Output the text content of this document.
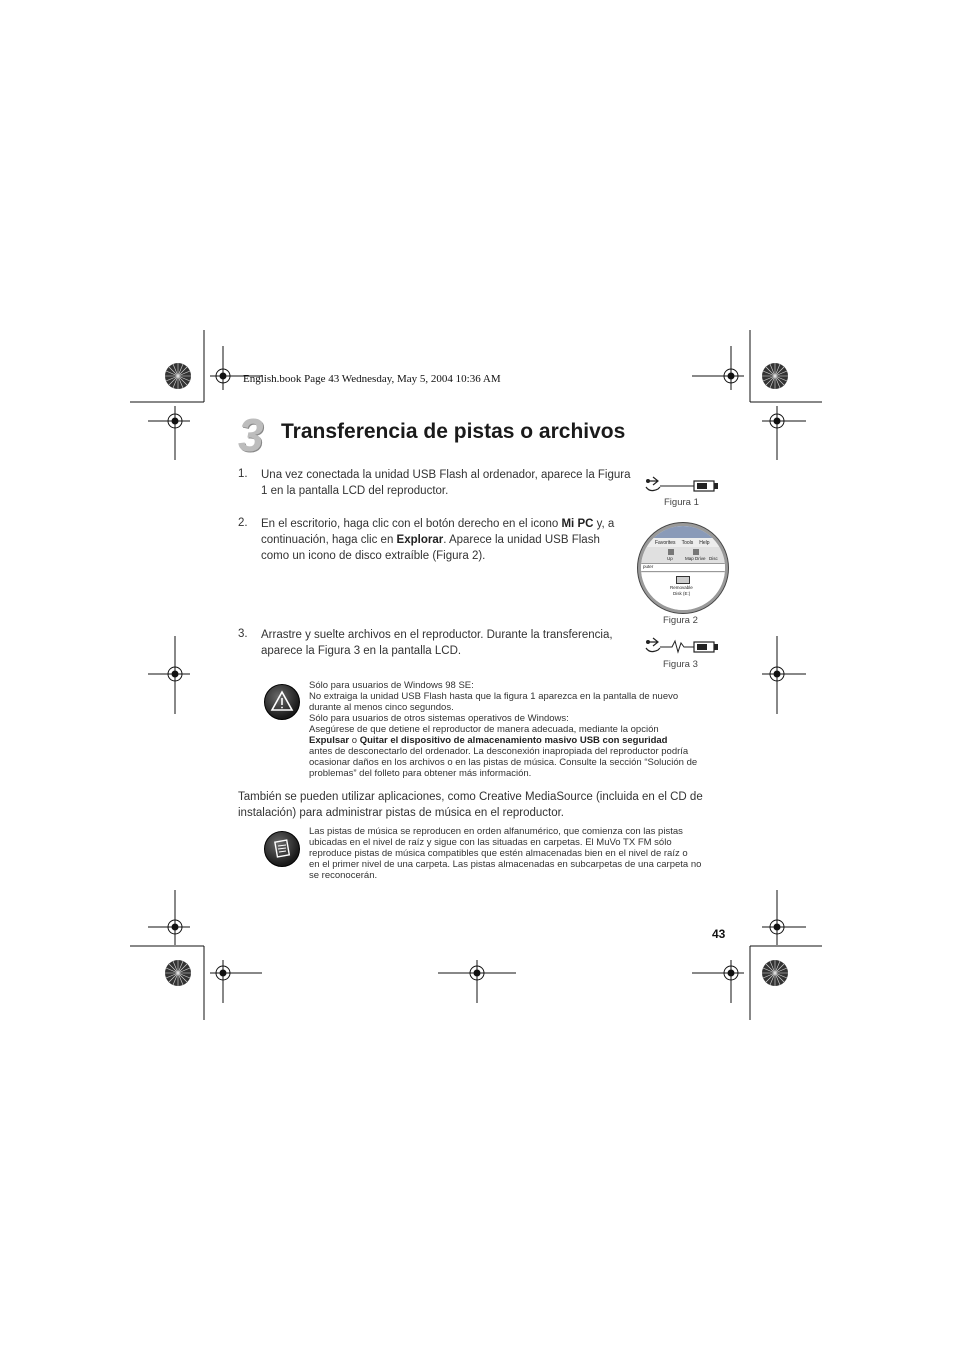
English.book Page 43 Wednesday, May 5, 2004 10:36 AM
3 Transferencia de pistas o archivos
1. Una vez conectada la unidad USB Flash al ordenador, aparece la Figura
1 en la pantalla LCD del reproductor.
Figura 1
2. En el escritorio, haga clic con el botón derecho en el icono Mi PC y, a
continuación, haga clic en Explorar. Aparece la unidad USB Flash
como un icono de disco extraíble (Figura 2).
Favorites Tools Help
Up	Map Drive Disc
puter
Removable
Disk (E:)
Figura 2
3. Arrastre y suelte archivos en el reproductor. Durante la transferencia,
aparece la Figura 3 en la pantalla LCD.
Figura 3
Sólo para usuarios de Windows 98 SE:
No extraiga la unidad USB Flash hasta que la figura 1 aparezca en la pantalla de nuevo
durante al menos cinco segundos.
Sólo para usuarios de otros sistemas operativos de Windows:
Asegúrese de que detiene el reproductor de manera adecuada, mediante la opción
Expulsar o Quitar el dispositivo de almacenamiento masivo USB con seguridad
antes de desconectarlo del ordenador. La desconexión inapropiada del reproductor podría
ocasionar daños en los archivos o en las pistas de música. Consulte la sección “Solución de
problemas” del folleto para obtener más información.
También se pueden utilizar aplicaciones, como Creative MediaSource (incluida en el CD de
instalación) para administrar pistas de música en el reproductor.
Las pistas de música se reproducen en orden alfanumérico, que comienza con las pistas
ubicadas en el nivel de raíz y sigue con las situadas en carpetas. El MuVo TX FM sólo
reproduce pistas de música compatibles que estén almacenadas bien en el nivel de raíz o
en el primer nivel de una carpeta. Las pistas almacenadas en subcarpetas de una carpeta no
se reconocerán.
43
